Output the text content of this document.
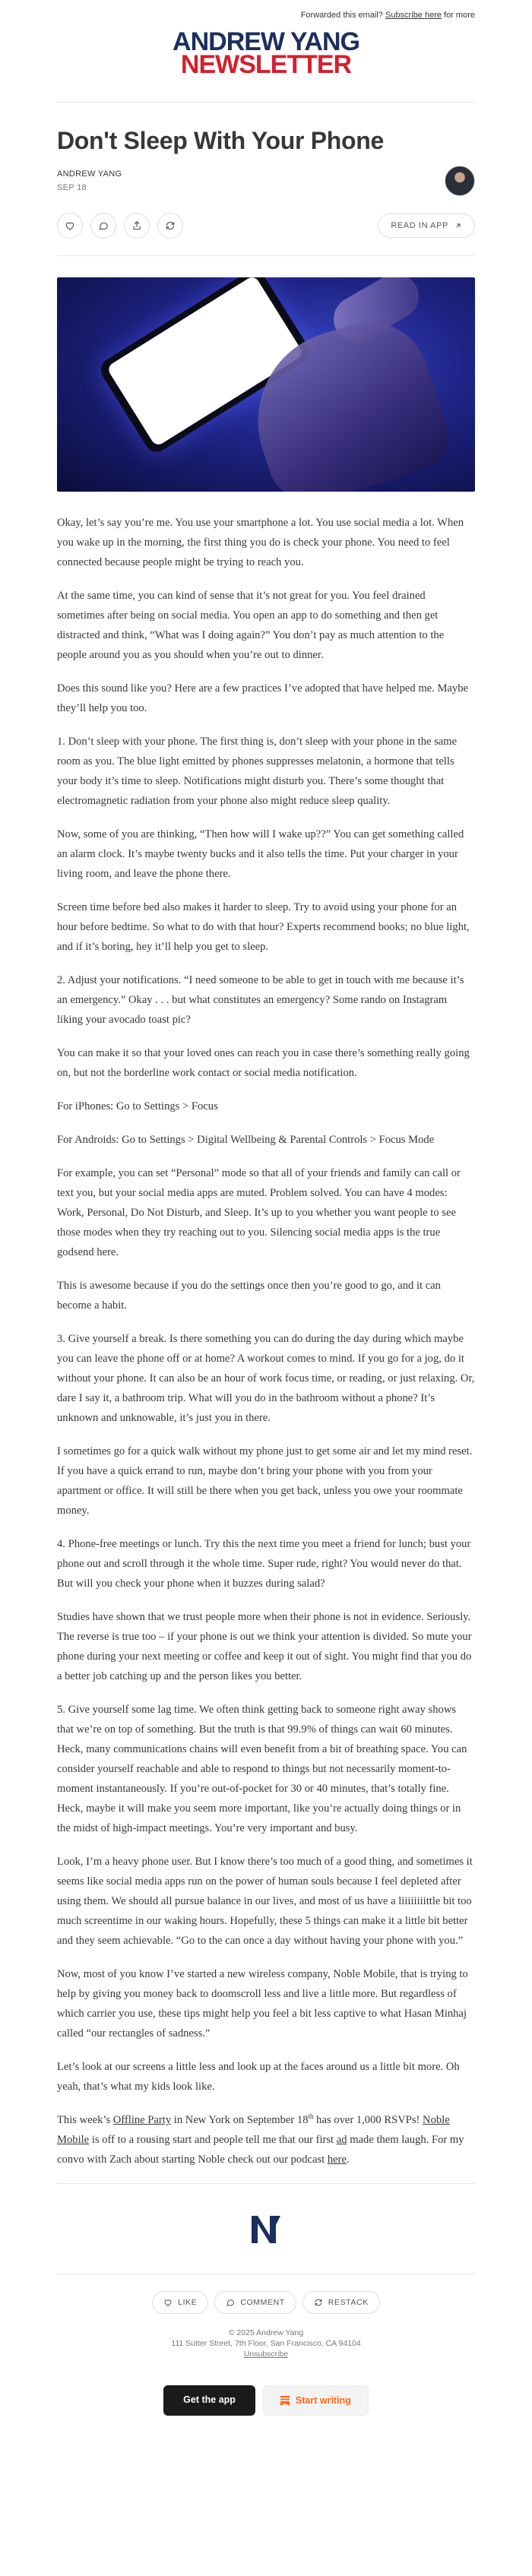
Forwarded this email? Subscribe here for more
ANDREW YANG
NEWSLETTER
Don't Sleep With Your Phone
ANDREW YANG
SEP 18
READ IN APP

Okay, let’s say you’re me. You use your smartphone a lot. You use social media a lot. When you wake up in the morning, the first thing you do is check your phone. You need to feel connected because people might be trying to reach you.

At the same time, you can kind of sense that it’s not great for you. You feel drained sometimes after being on social media. You open an app to do something and then get distracted and think, “What was I doing again?” You don’t pay as much attention to the people around you as you should when you’re out to dinner.

Does this sound like you? Here are a few practices I’ve adopted that have helped me. Maybe they’ll help you too.

1. Don’t sleep with your phone. The first thing is, don’t sleep with your phone in the same room as you. The blue light emitted by phones suppresses melatonin, a hormone that tells your body it’s time to sleep. Notifications might disturb you. There’s some thought that electromagnetic radiation from your phone also might reduce sleep quality.

Now, some of you are thinking, “Then how will I wake up??” You can get something called an alarm clock. It’s maybe twenty bucks and it also tells the time. Put your charger in your living room, and leave the phone there.

Screen time before bed also makes it harder to sleep. Try to avoid using your phone for an hour before bedtime. So what to do with that hour? Experts recommend books; no blue light, and if it’s boring, hey it’ll help you get to sleep.

2. Adjust your notifications. “I need someone to be able to get in touch with me because it’s an emergency.” Okay . . . but what constitutes an emergency? Some rando on Instagram liking your avocado toast pic?

You can make it so that your loved ones can reach you in case there’s something really going on, but not the borderline work contact or social media notification.

For iPhones: Go to Settings > Focus

For Androids: Go to Settings > Digital Wellbeing & Parental Controls > Focus Mode

For example, you can set “Personal” mode so that all of your friends and family can call or text you, but your social media apps are muted. Problem solved. You can have 4 modes: Work, Personal, Do Not Disturb, and Sleep. It’s up to you whether you want people to see those modes when they try reaching out to you. Silencing social media apps is the true godsend here.

This is awesome because if you do the settings once then you’re good to go, and it can become a habit.

3. Give yourself a break. Is there something you can do during the day during which maybe you can leave the phone off or at home? A workout comes to mind. If you go for a jog, do it without your phone. It can also be an hour of work focus time, or reading, or just relaxing. Or, dare I say it, a bathroom trip. What will you do in the bathroom without a phone? It’s unknown and unknowable, it’s just you in there.

I sometimes go for a quick walk without my phone just to get some air and let my mind reset. If you have a quick errand to run, maybe don’t bring your phone with you from your apartment or office. It will still be there when you get back, unless you owe your roommate money.

4. Phone-free meetings or lunch. Try this the next time you meet a friend for lunch; bust your phone out and scroll through it the whole time. Super rude, right? You would never do that. But will you check your phone when it buzzes during salad?

Studies have shown that we trust people more when their phone is not in evidence. Seriously. The reverse is true too – if your phone is out we think your attention is divided. So mute your phone during your next meeting or coffee and keep it out of sight. You might find that you do a better job catching up and the person likes you better.

5. Give yourself some lag time. We often think getting back to someone right away shows that we’re on top of something. But the truth is that 99.9% of things can wait 60 minutes. Heck, many communications chains will even benefit from a bit of breathing space. You can consider yourself reachable and able to respond to things but not necessarily moment-to-moment instantaneously. If you’re out-of-pocket for 30 or 40 minutes, that’s totally fine. Heck, maybe it will make you seem more important, like you’re actually doing things or in the midst of high-impact meetings. You’re very important and busy.

Look, I’m a heavy phone user. But I know there’s too much of a good thing, and sometimes it seems like social media apps run on the power of human souls because I feel depleted after using them. We should all pursue balance in our lives, and most of us have a liiiiiiiittle bit too much screentime in our waking hours. Hopefully, these 5 things can make it a little bit better and they seem achievable. “Go to the can once a day without having your phone with you.”

Now, most of you know I’ve started a new wireless company, Noble Mobile, that is trying to help by giving you money back to doomscroll less and live a little more. But regardless of which carrier you use, these tips might help you feel a bit less captive to what Hasan Minhaj called “our rectangles of sadness.”

Let’s look at our screens a little less and look up at the faces around us a little bit more. Oh yeah, that’s what my kids look like.

This week’s Offline Party in New York on September 18th has over 1,000 RSVPs! Noble Mobile is off to a rousing start and people tell me that our first ad made them laugh. For my convo with Zach about starting Noble check out our podcast here.

LIKE	COMMENT	RESTACK
© 2025 Andrew Yang
111 Sutter Street, 7th Floor, San Francisco, CA 94104
Unsubscribe
Get the app	Start writing
